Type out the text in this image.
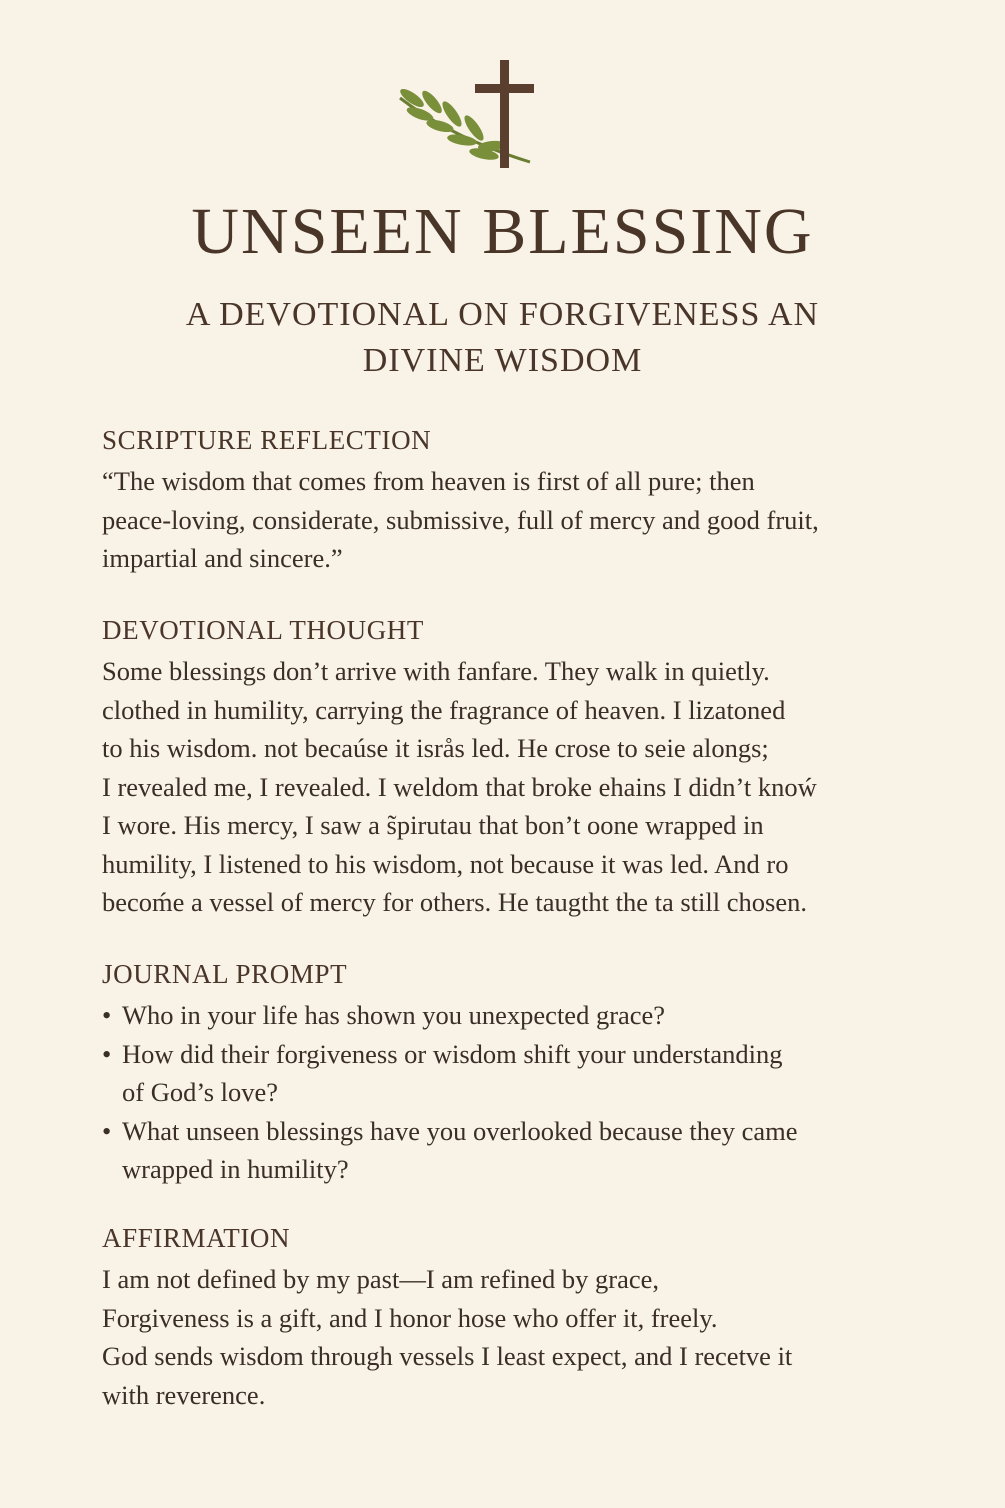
UNSEEN BLESSING
A DEVOTIONAL ON FORGIVENESS AN
DIVINE WISDOM
SCRIPTURE REFLECTION

“The wisdom that comes from heaven is first of all pure; then
peace-loving, considerate, submissive, full of mercy and good fruit,
impartial and sincere.”

DEVOTIONAL THOUGHT

Some blessings don’t arrive with fanfare. They walk in quietly.
clothed in humility, carrying the fragrance of heaven. I lizatoned
to his wisdom. not becaúse it isrås led. He crose to seie alongs;
I revealed me, I revealed. I weldom that broke ehains I didn’t knoẃ
I wore. His mercy, I saw a s̃pirutau that bon’t oone wrapped in
humility, I listened to his wisdom, not because it was led. And ro
becoḿe a vessel of mercy for others. He taugtht the ta still chosen.

JOURNAL PROMPT
• Who in your life has shown you unexpected grace?
• How did their forgiveness or wisdom shift your understanding
of God’s love?
• What unseen blessings have you overlooked because they came
wrapped in humility?
AFFIRMATION

I am not defined by my past—I am refined by grace,
Forgiveness is a gift, and I honor hose who offer it, freely.
God sends wisdom through vessels I least expect, and I recetve it
with reverence.
